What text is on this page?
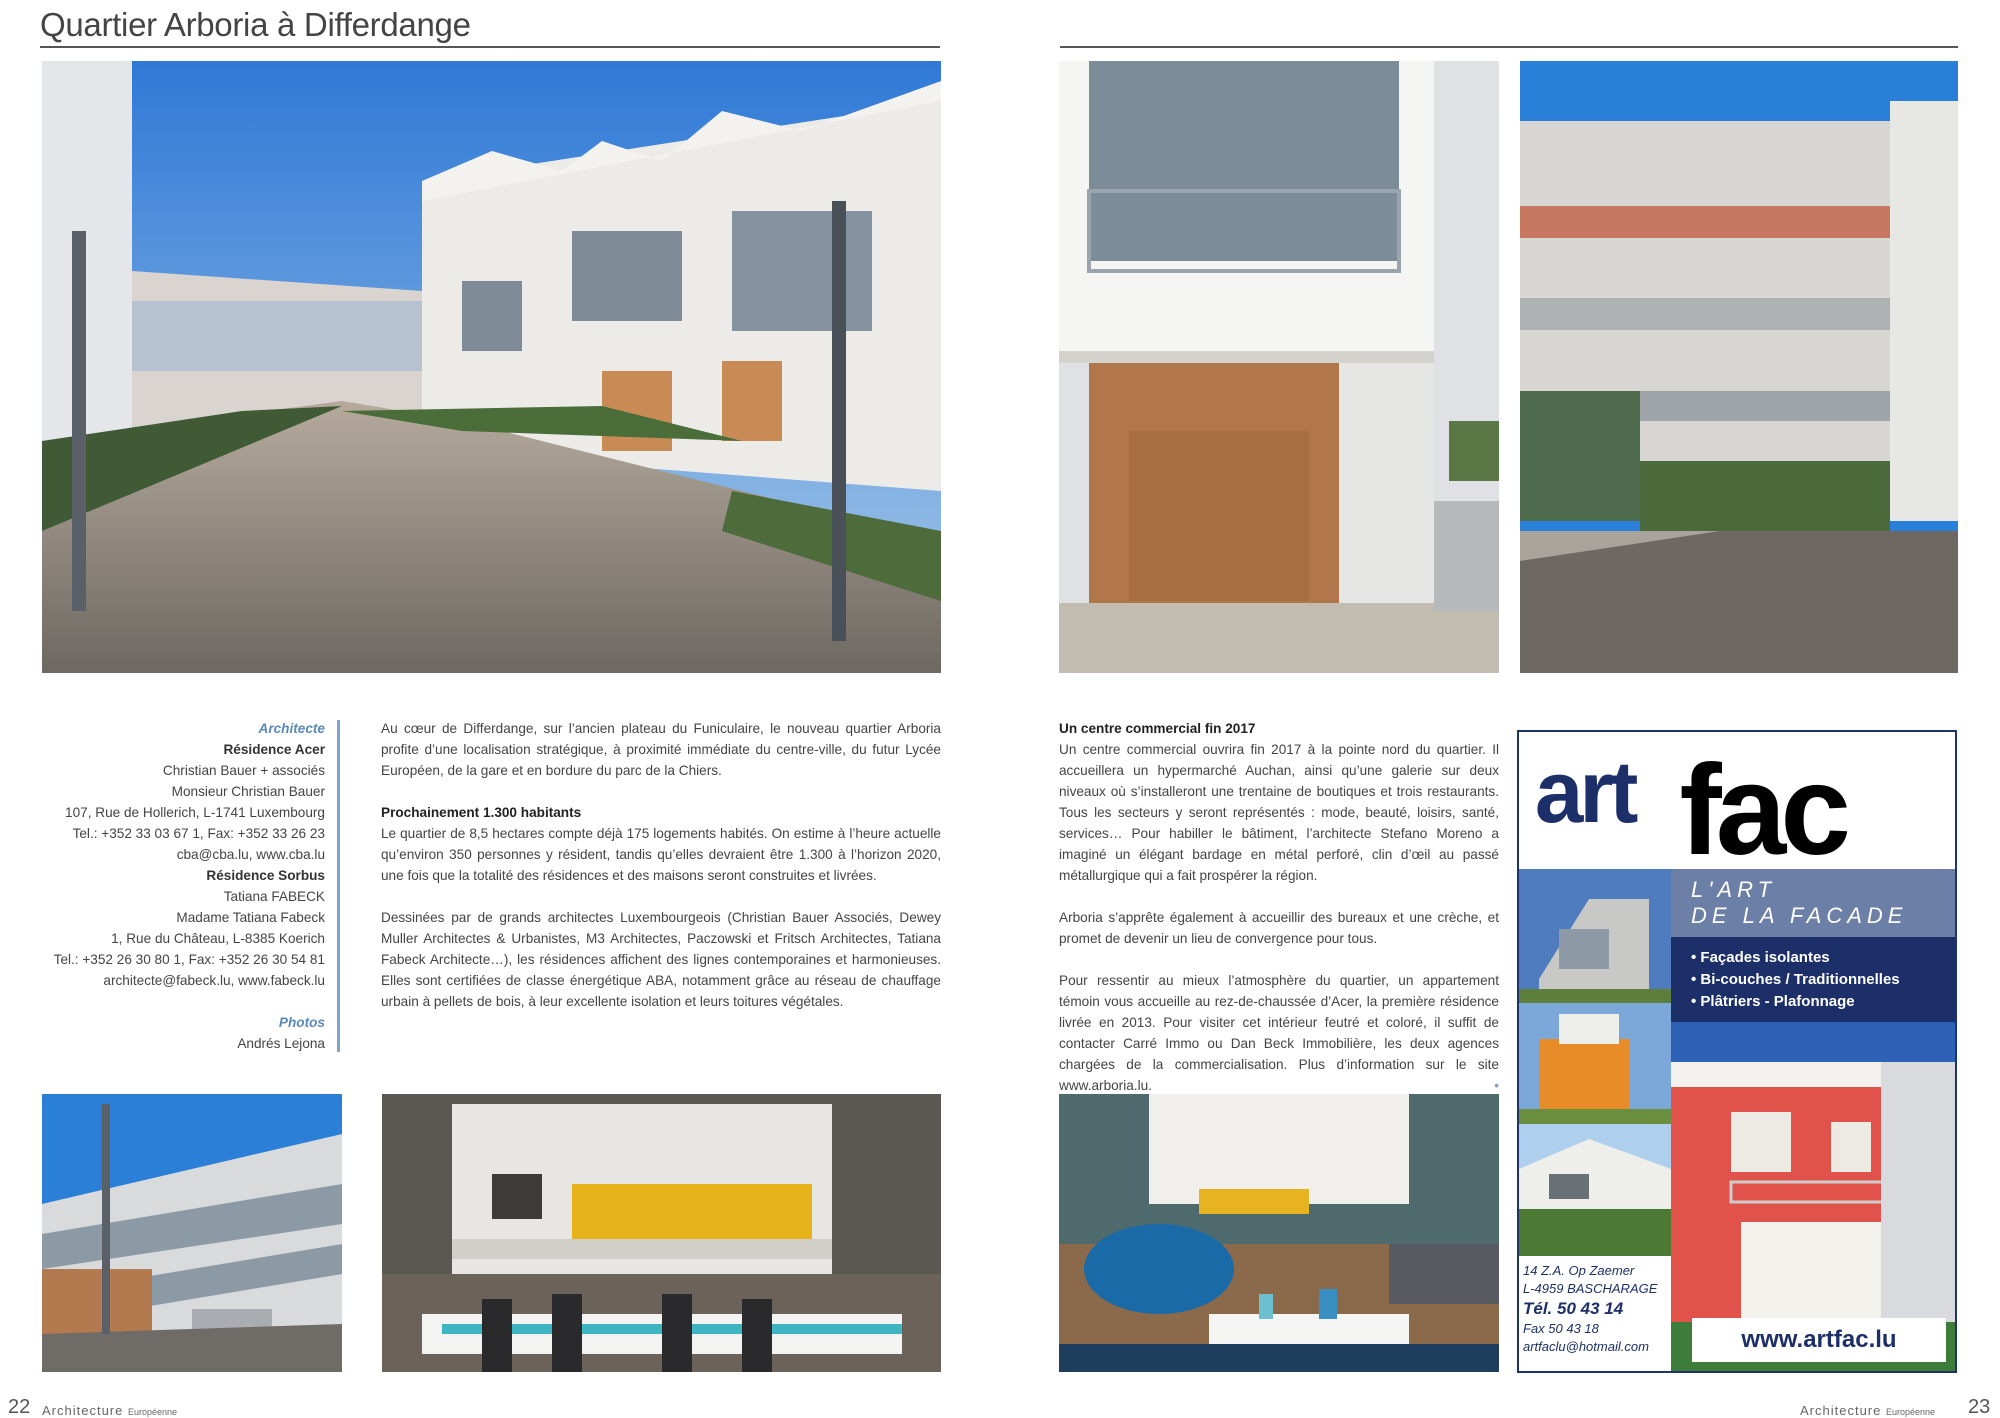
Quartier Arboria à Differdange
Architecte
Résidence Acer
Christian Bauer + associés
Monsieur Christian Bauer
107, Rue de Hollerich, L-1741 Luxembourg
Tel.: +352 33 03 67 1, Fax: +352 33 26 23
cba@cba.lu, www.cba.lu
Résidence Sorbus
Tatiana FABECK
Madame Tatiana Fabeck
1, Rue du Château, L-8385 Koerich
Tel.: +352 26 30 80 1, Fax: +352 26 30 54 81
architecte@fabeck.lu, www.fabeck.lu
Photos
Andrés Lejona

Au cœur de Differdange, sur l’ancien plateau du Funiculaire, le nouveau quartier Arboria profite d’une localisation stratégique, à proximité immédiate du centre-ville, du futur Lycée Européen, de la gare et en bordure du parc de la Chiers.

Prochainement 1.300 habitants

Le quartier de 8,5 hectares compte déjà 175 logements habités. On estime à l’heure actuelle qu’environ 350 personnes y résident, tandis qu’elles devraient être 1.300 à l’horizon 2020, une fois que la totalité des résidences et des maisons seront construites et livrées.

Dessinées par de grands architectes Luxembourgeois (Christian Bauer Associés, Dewey Muller Architectes & Urbanistes, M3 Architectes, Paczowski et Fritsch Architectes, Tatiana Fabeck Architecte…), les résidences affichent des lignes contemporaines et harmonieuses. Elles sont certifiées de classe énergétique ABA, notamment grâce au réseau de chauffage urbain à pellets de bois, à leur excellente isolation et leurs toitures végétales.

Un centre commercial fin 2017

Un centre commercial ouvrira fin 2017 à la pointe nord du quartier. Il accueillera un hypermarché Auchan, ainsi qu’une galerie sur deux niveaux où s’installeront une trentaine de boutiques et trois restaurants. Tous les secteurs y seront représentés : mode, beauté, loisirs, santé, services… Pour habiller le bâtiment, l’architecte Stefano Moreno a imaginé un élégant bardage en métal perforé, clin d’œil au passé métallurgique qui a fait prospérer la région.

Arboria s’apprête également à accueillir des bureaux et une crèche, et promet de devenir un lieu de convergence pour tous.

Pour ressentir au mieux l’atmosphère du quartier, un appartement témoin vous accueille au rez-de-chaussée d’Acer, la première résidence livrée en 2013. Pour visiter cet intérieur feutré et coloré, il suffit de contacter Carré Immo ou Dan Beck Immobilière, les deux agences chargées de la commercialisation. Plus d’information sur le site www.arboria.lu.	•

art fac
L'ART
DE LA FACADE
• Façades isolantes
• Bi-couches / Traditionnelles
• Plâtriers - Plafonnage
14 Z.A. Op Zaemer
L-4959 BASCHARAGE
Tél. 50 43 14
Fax 50 43 18
artfaclu@hotmail.com	www.artfac.lu
22 Architecture Européenne	Architecture Européenne 23
